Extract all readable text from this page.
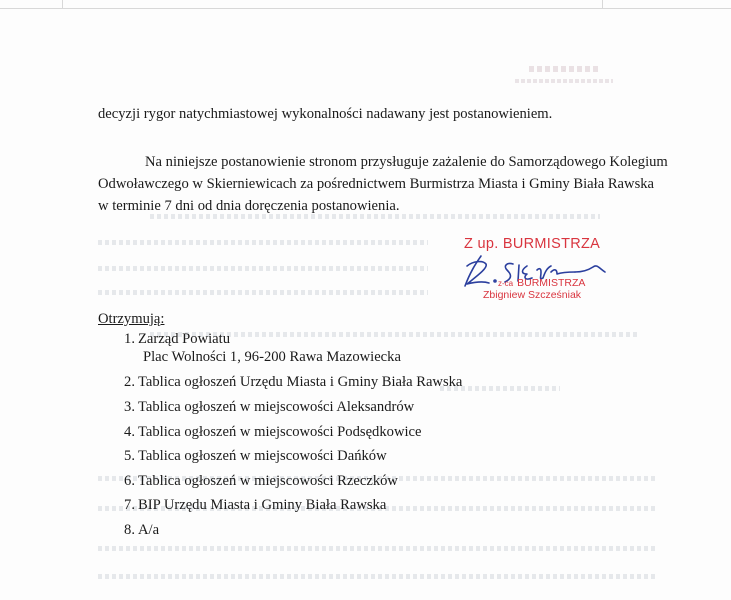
decyzji rygor natychmiastowej wykonalności nadawany jest postanowieniem.
Na niniejsze postanowienie stronom przysługuje zażalenie do Samorządowego Kolegium
Odwoławczego w Skierniewicach za pośrednictwem Burmistrza Miasta i Gminy Biała Rawska
w terminie 7 dni od dnia doręczenia postanowienia.
Z up. BURMISTRZA
z-ca BURMISTRZA
Zbigniew Szcześniak
Otrzymują:
1. Zarząd Powiatu
Plac Wolności 1, 96-200 Rawa Mazowiecka
2. Tablica ogłoszeń Urzędu Miasta i Gminy Biała Rawska
3. Tablica ogłoszeń w miejscowości Aleksandrów
4. Tablica ogłoszeń w miejscowości Podsędkowice
5. Tablica ogłoszeń w miejscowości Dańków
6. Tablica ogłoszeń w miejscowości Rzeczków
7. BIP Urzędu Miasta i Gminy Biała Rawska
8. A/a
